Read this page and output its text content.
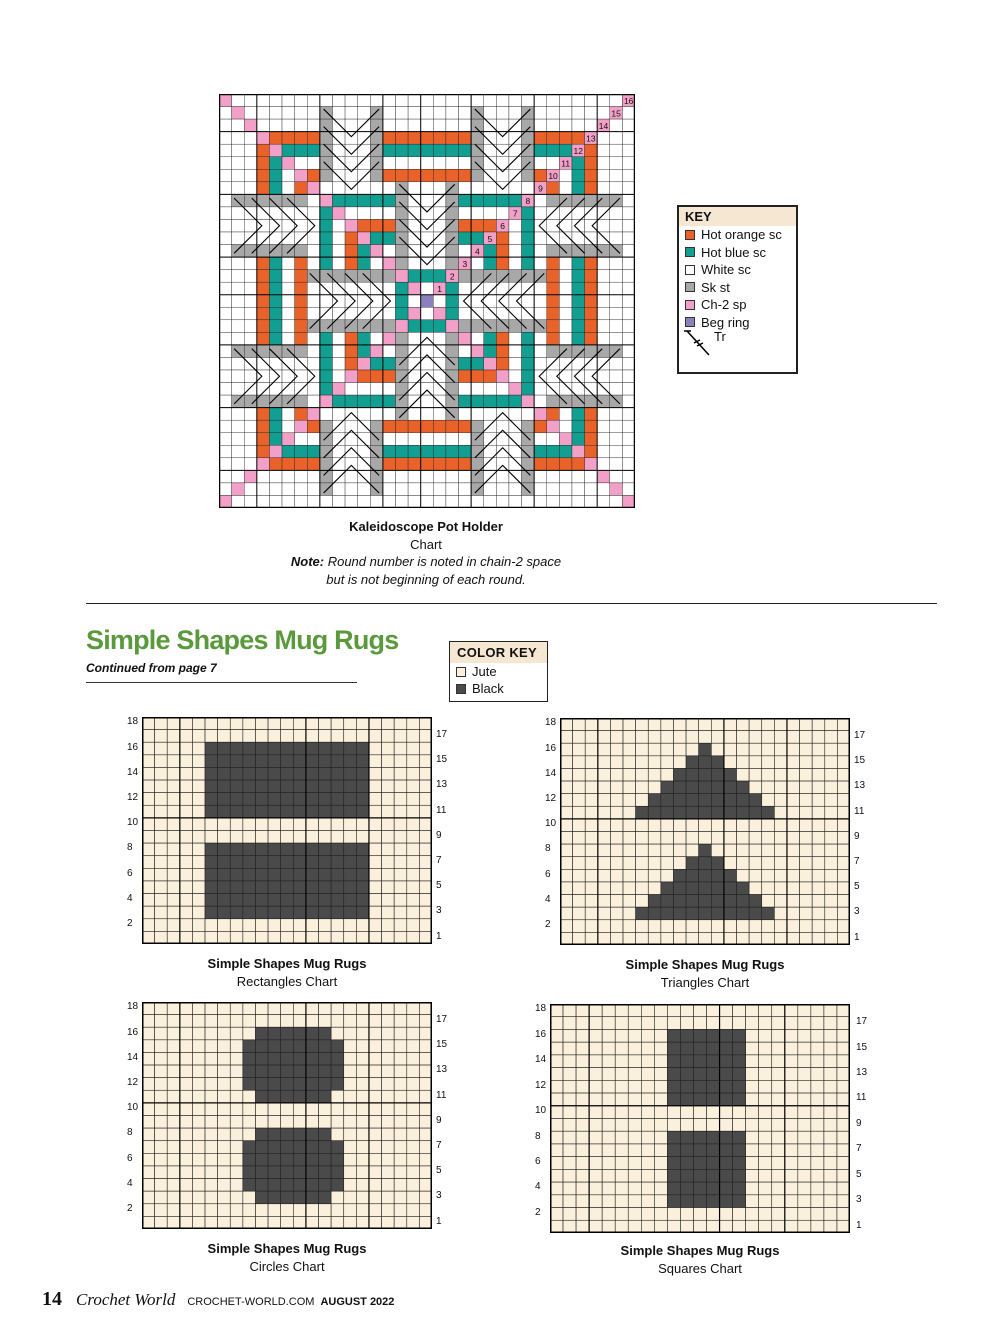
1
2
3
4
5
6
7
8
9
10
11
12
13
14
15
16
Kaleidoscope Pot Holder
Chart
Note: Round number is noted in chain-2 space
but is not beginning of each round.
KEY
Hot orange sc
Hot blue sc
White sc
Sk st
Ch-2 sp
Beg ring
Tr
Simple Shapes Mug Rugs
Continued from page 7
COLOR KEY
Jute
Black
18
16
14
12
10
8
6
4
2
17
15
13
11
9
7
5
3
1
18
16
14
12
10
8
6
4
2
17
15
13
11
9
7
5
3
1
18
16
14
12
10
8
6
4
2
17
15
13
11
9
7
5
3
1
18
16
14
12
10
8
6
4
2
17
15
13
11
9
7
5
3
1
Simple Shapes Mug Rugs
Rectangles Chart
Simple Shapes Mug Rugs
Triangles Chart
Simple Shapes Mug Rugs
Circles Chart
Simple Shapes Mug Rugs
Squares Chart
14 Crochet World CROCHET-WORLD.COM AUGUST 2022
